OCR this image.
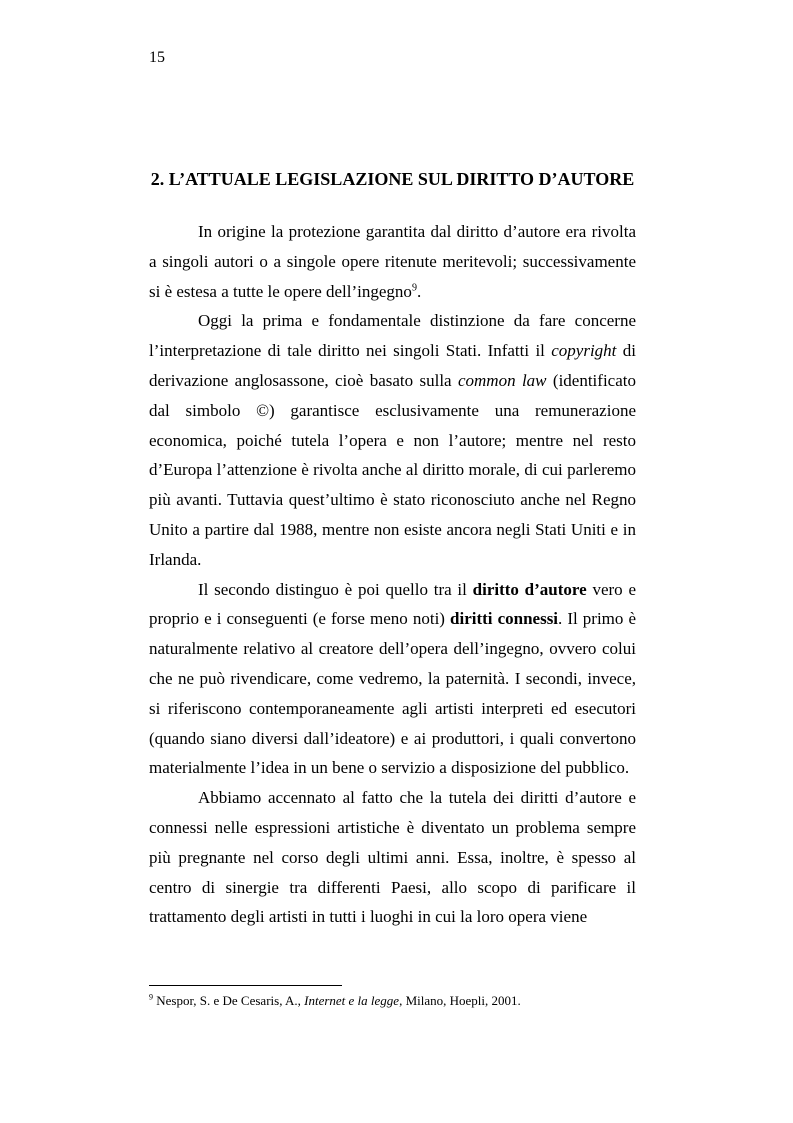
15
2. L’ATTUALE LEGISLAZIONE SUL DIRITTO D’AUTORE

In origine la protezione garantita dal diritto d’autore era rivolta a singoli autori o a singole opere ritenute meritevoli; successivamente si è estesa a tutte le opere dell’ingegno$^9$.

Oggi la prima e fondamentale distinzione da fare concerne l’interpretazione di tale diritto nei singoli Stati. Infatti il copyright di derivazione anglosassone, cioè basato sulla common law (identificato dal simbolo ©) garantisce esclusivamente una remunerazione economica, poiché tutela l’opera e non l’autore; mentre nel resto d’Europa l’attenzione è rivolta anche al diritto morale, di cui parleremo più avanti. Tuttavia quest’ultimo è stato riconosciuto anche nel Regno Unito a partire dal 1988, mentre non esiste ancora negli Stati Uniti e in Irlanda.

Il secondo distinguo è poi quello tra il diritto d’autore vero e proprio e i conseguenti (e forse meno noti) diritti connessi. Il primo è naturalmente relativo al creatore dell’opera dell’ingegno, ovvero colui che ne può rivendicare, come vedremo, la paternità. I secondi, invece, si riferiscono contemporaneamente agli artisti interpreti ed esecutori (quando siano diversi dall’ideatore) e ai produttori, i quali convertono materialmente l’idea in un bene o servizio a disposizione del pubblico.

Abbiamo accennato al fatto che la tutela dei diritti d’autore e connessi nelle espressioni artistiche è diventato un problema sempre più pregnante nel corso degli ultimi anni. Essa, inoltre, è spesso al centro di sinergie tra differenti Paesi, allo scopo di parificare il trattamento degli artisti in tutti i luoghi in cui la loro opera viene

$^9$ Nespor, S. e De Cesaris, A., Internet e la legge, Milano, Hoepli, 2001.
